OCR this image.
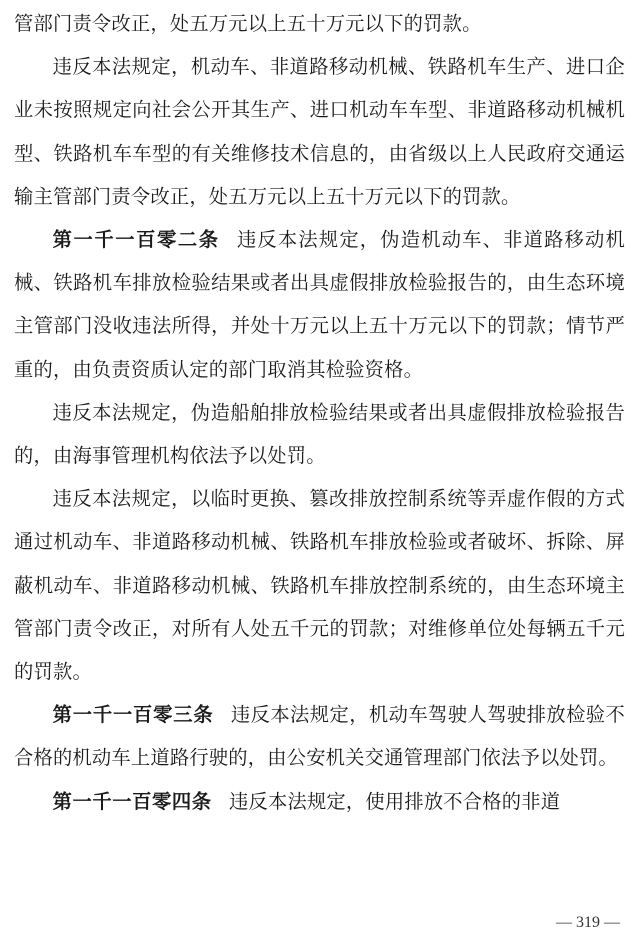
管部门责令改正，处五万元以上五十万元以下的罚款。

违反本法规定，机动车、非道路移动机械、铁路机车生产、进口企业未按照规定向社会公开其生产、进口机动车车型、非道路移动机械机型、铁路机车车型的有关维修技术信息的，由省级以上人民政府交通运输主管部门责令改正，处五万元以上五十万元以下的罚款。

第一千一百零二条 违反本法规定，伪造机动车、非道路移动机械、铁路机车排放检验结果或者出具虚假排放检验报告的，由生态环境主管部门没收违法所得，并处十万元以上五十万元以下的罚款；情节严重的，由负责资质认定的部门取消其检验资格。

违反本法规定，伪造船舶排放检验结果或者出具虚假排放检验报告的，由海事管理机构依法予以处罚。

违反本法规定，以临时更换、篡改排放控制系统等弄虚作假的方式通过机动车、非道路移动机械、铁路机车排放检验或者破坏、拆除、屏蔽机动车、非道路移动机械、铁路机车排放控制系统的，由生态环境主管部门责令改正，对所有人处五千元的罚款；对维修单位处每辆五千元的罚款。

第一千一百零三条 违反本法规定，机动车驾驶人驾驶排放检验不合格的机动车上道路行驶的，由公安机关交通管理部门依法予以处罚。

第一千一百零四条 违反本法规定，使用排放不合格的非道

— 319 —
